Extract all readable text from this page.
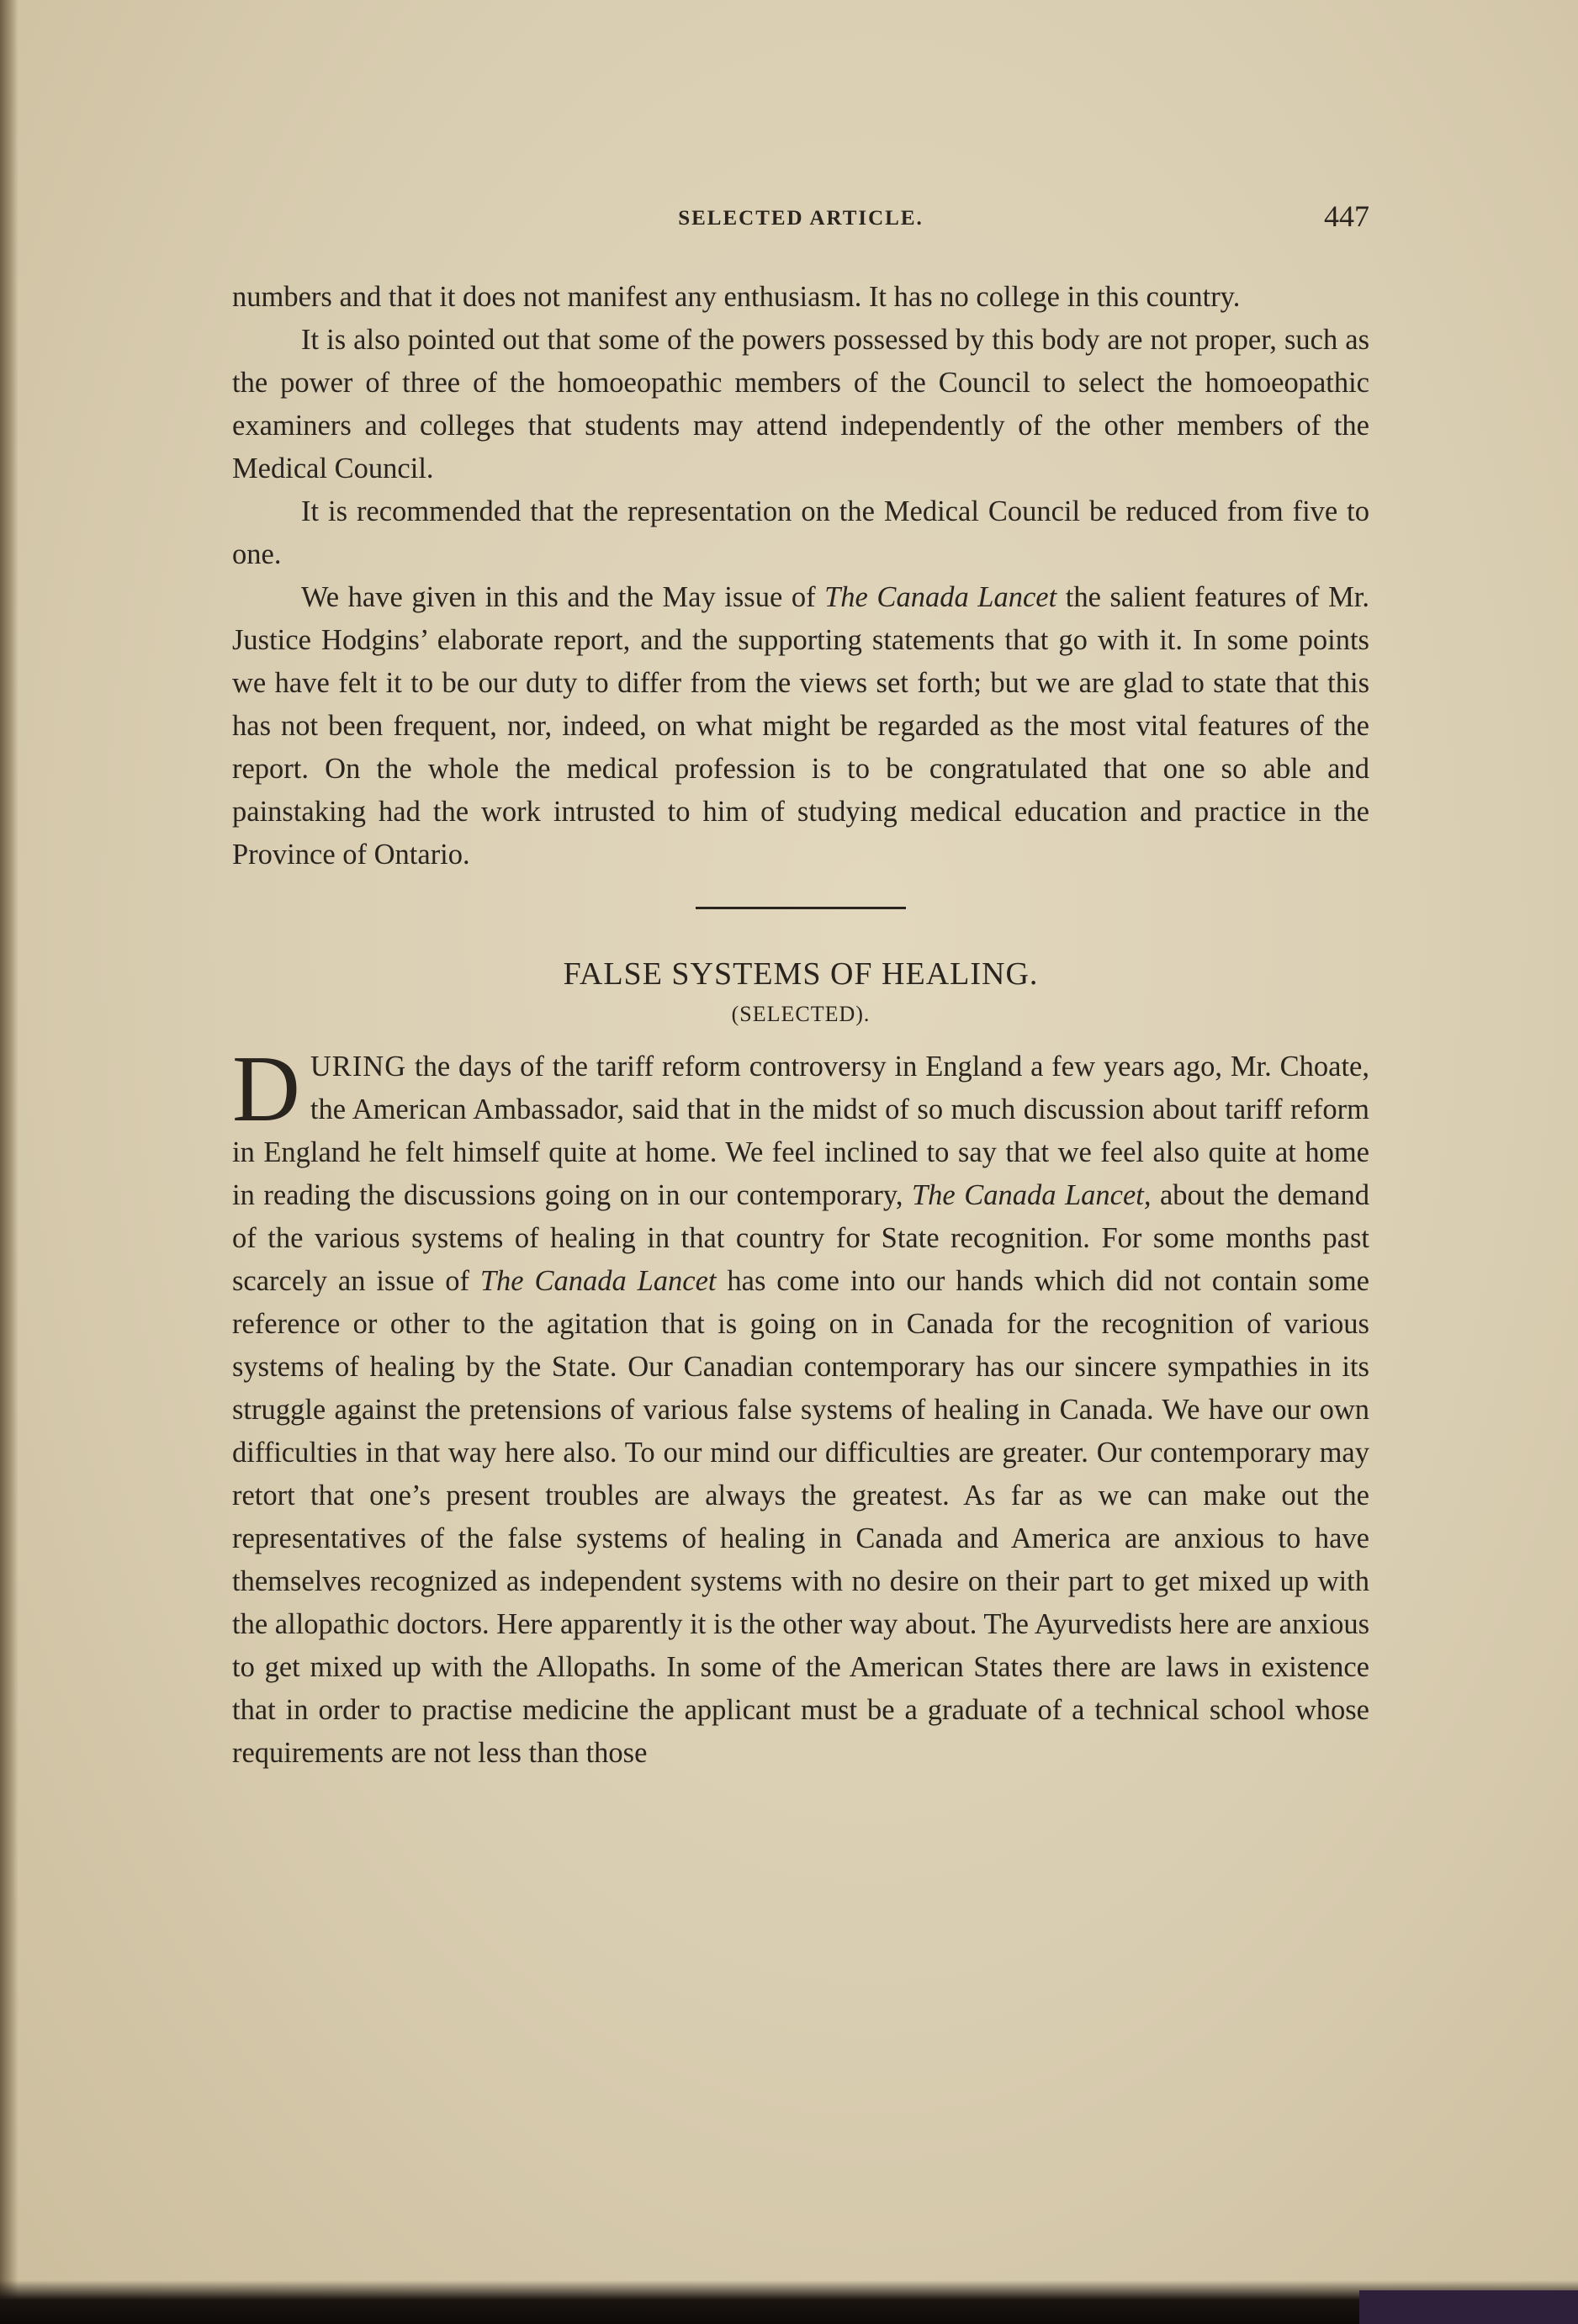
SELECTED ARTICLE.	447

numbers and that it does not manifest any enthusiasm. It has no college in this country.

It is also pointed out that some of the powers possessed by this body are not proper, such as the power of three of the homoeopathic members of the Council to select the homoeopathic examiners and colleges that students may attend independently of the other members of the Medical Council.

It is recommended that the representation on the Medical Council be reduced from five to one.

We have given in this and the May issue of The Canada Lancet the salient features of Mr. Justice Hodgins’ elaborate report, and the supporting statements that go with it. In some points we have felt it to be our duty to differ from the views set forth; but we are glad to state that this has not been frequent, nor, indeed, on what might be regarded as the most vital features of the report. On the whole the medical profession is to be congratulated that one so able and painstaking had the work intrusted to him of studying medical education and practice in the Province of Ontario.

FALSE SYSTEMS OF HEALING.
(SELECTED).

DURING the days of the tariff reform controversy in England a few years ago, Mr. Choate, the American Ambassador, said that in the midst of so much discussion about tariff reform in England he felt himself quite at home. We feel inclined to say that we feel also quite at home in reading the discussions going on in our contemporary, The Canada Lancet, about the demand of the various systems of healing in that country for State recognition. For some months past scarcely an issue of The Canada Lancet has come into our hands which did not contain some reference or other to the agitation that is going on in Canada for the recognition of various systems of healing by the State. Our Canadian contemporary has our sincere sympathies in its struggle against the pretensions of various false systems of healing in Canada. We have our own difficulties in that way here also. To our mind our difficulties are greater. Our contemporary may retort that one’s present troubles are always the greatest. As far as we can make out the representatives of the false systems of healing in Canada and America are anxious to have themselves recognized as independent systems with no desire on their part to get mixed up with the allopathic doctors. Here apparently it is the other way about. The Ayurvedists here are anxious to get mixed up with the Allopaths. In some of the American States there are laws in existence that in order to practise medicine the applicant must be a graduate of a technical school whose requirements are not less than those
